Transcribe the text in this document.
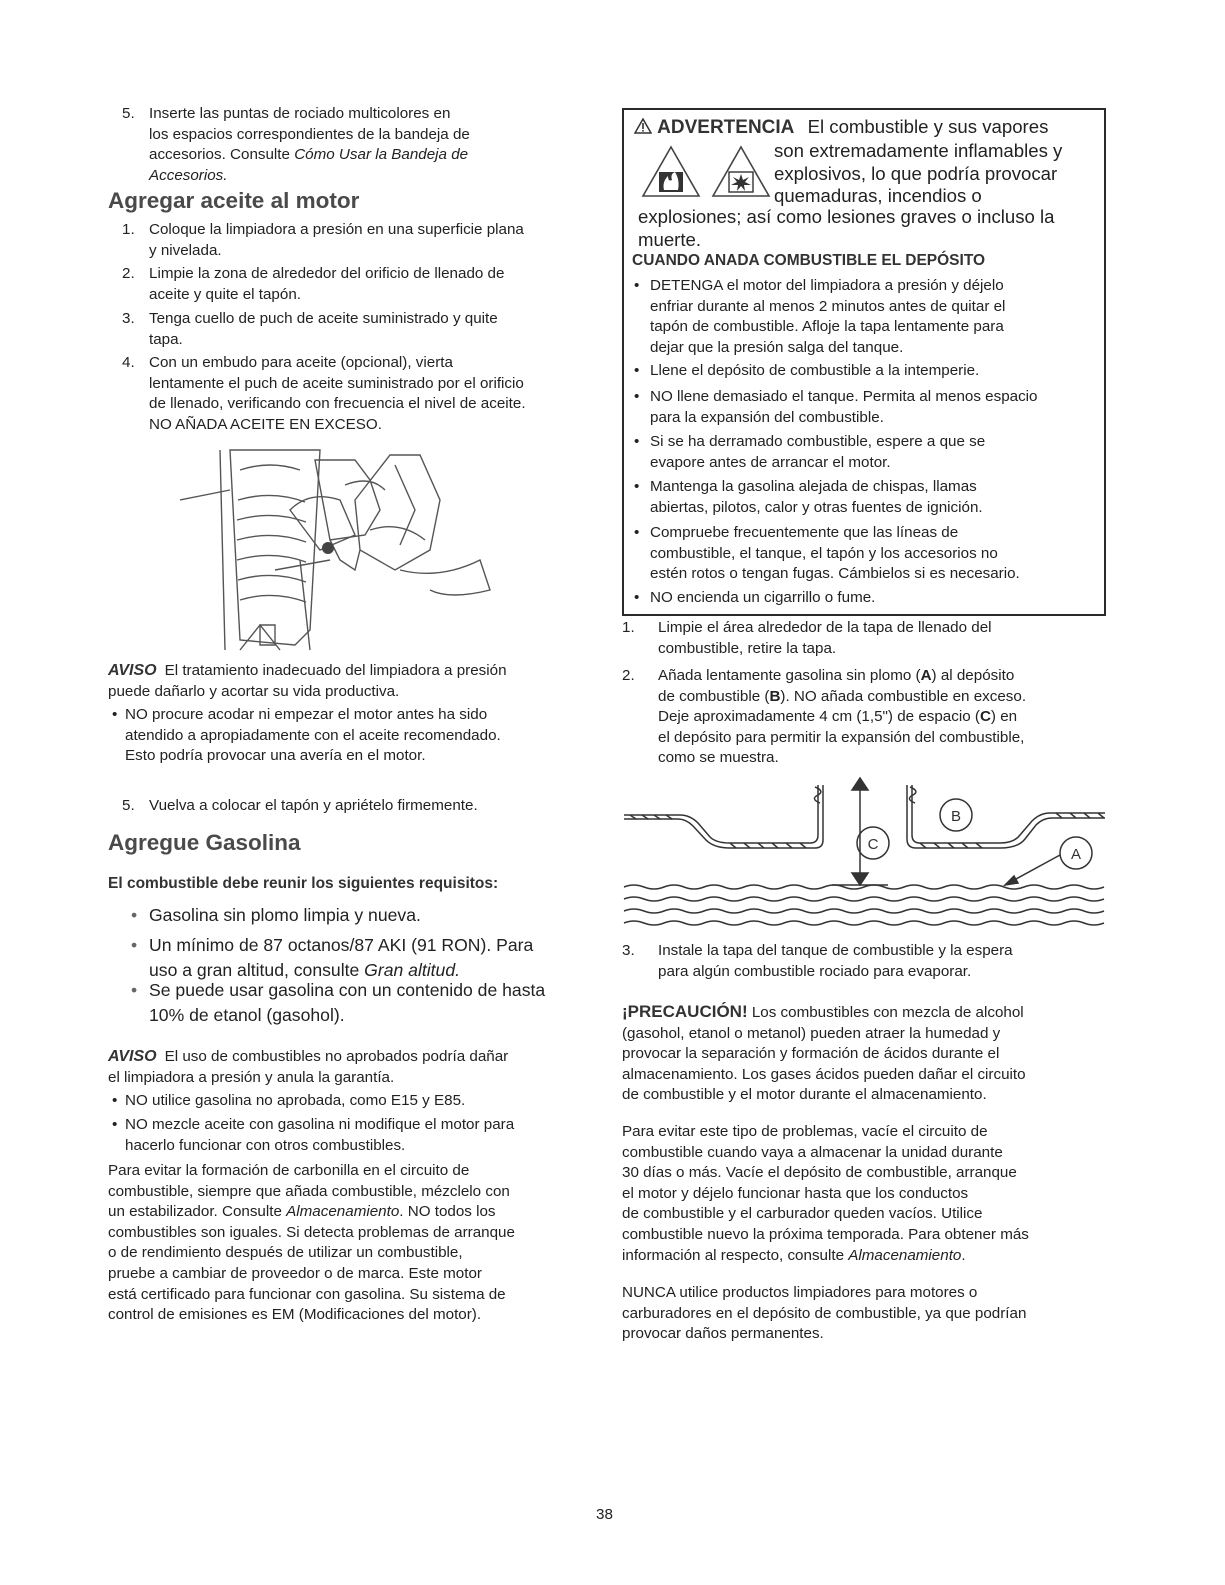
5. Inserte las puntas de rociado multicolores en

los espacios correspondientes de la bandeja de

accesorios. Consulte Cómo Usar la Bandeja de

Accesorios.

Agregar aceite al motor
1. Coloque la limpiadora a presión en una superficie plana

y nivelada.

2. Limpie la zona de alrededor del orificio de llenado de

aceite y quite el tapón.

3. Tenga cuello de puch de aceite suministrado y quite

tapa.

4. Con un embudo para aceite (opcional), vierta

lentamente el puch de aceite suministrado por el orificio

de llenado, verificando con frecuencia el nivel de aceite.

NO AÑADA ACEITE EN EXCESO.

AVISO El tratamiento inadecuado del limpiadora a presión

puede dañarlo y acortar su vida productiva.

• NO procure acodar ni empezar el motor antes ha sido

atendido a apropiadamente con el aceite recomendado.

Esto podría provocar una avería en el motor.

5. Vuelva a colocar el tapón y apriételo firmemente.

Agregue Gasolina
El combustible debe reunir los siguientes requisitos:
• Gasolina sin plomo limpia y nueva.

• Un mínimo de 87 octanos/87 AKI (91 RON). Para

uso a gran altitud, consulte Gran altitud.

• Se puede usar gasolina con un contenido de hasta

10% de etanol (gasohol).

AVISO El uso de combustibles no aprobados podría dañar

el limpiadora a presión y anula la garantía.

• NO utilice gasolina no aprobada, como E15 y E85.

• NO mezcle aceite con gasolina ni modifique el motor para

hacerlo funcionar con otros combustibles.

Para evitar la formación de carbonilla en el circuito de

combustible, siempre que añada combustible, mézclelo con

un estabilizador. Consulte Almacenamiento. NO todos los

combustibles son iguales. Si detecta problemas de arranque

o de rendimiento después de utilizar un combustible,

pruebe a cambiar de proveedor o de marca. Este motor

está certificado para funcionar con gasolina. Su sistema de

control de emisiones es EM (Modificaciones del motor).

ADVERTENCIA El combustible y sus vapores

son extremadamente inflamables y

explosivos, lo que podría provocar

quemaduras, incendios o

explosiones; así como lesiones graves o incluso la

muerte.

CUANDO ANADA COMBUSTIBLE EL DEPÓSITO
• DETENGA el motor del limpiadora a presión y déjelo

enfriar durante al menos 2 minutos antes de quitar el

tapón de combustible. Afloje la tapa lentamente para

dejar que la presión salga del tanque.

• Llene el depósito de combustible a la intemperie.

• NO llene demasiado el tanque. Permita al menos espacio

para la expansión del combustible.

• Si se ha derramado combustible, espere a que se

evapore antes de arrancar el motor.

• Mantenga la gasolina alejada de chispas, llamas

abiertas, pilotos, calor y otras fuentes de ignición.

• Compruebe frecuentemente que las líneas de

combustible, el tanque, el tapón y los accesorios no

estén rotos o tengan fugas. Cámbielos si es necesario.

• NO encienda un cigarrillo o fume.

1. Limpie el área alrededor de la tapa de llenado del

combustible, retire la tapa.

2. Añada lentamente gasolina sin plomo (A) al depósito

de combustible (B). NO añada combustible en exceso.

Deje aproximadamente 4 cm (1,5") de espacio (C) en

el depósito para permitir la expansión del combustible,

como se muestra.

C
B
A
3. Instale la tapa del tanque de combustible y la espera

para algún combustible rociado para evaporar.

¡PRECAUCIÓN! Los combustibles con mezcla de alcohol

(gasohol, etanol o metanol) pueden atraer la humedad y

provocar la separación y formación de ácidos durante el

almacenamiento. Los gases ácidos pueden dañar el circuito

de combustible y el motor durante el almacenamiento.

Para evitar este tipo de problemas, vacíe el circuito de

combustible cuando vaya a almacenar la unidad durante

30 días o más. Vacíe el depósito de combustible, arranque

el motor y déjelo funcionar hasta que los conductos

de combustible y el carburador queden vacíos. Utilice

combustible nuevo la próxima temporada. Para obtener más

información al respecto, consulte Almacenamiento.

NUNCA utilice productos limpiadores para motores o

carburadores en el depósito de combustible, ya que podrían

provocar daños permanentes.

38
